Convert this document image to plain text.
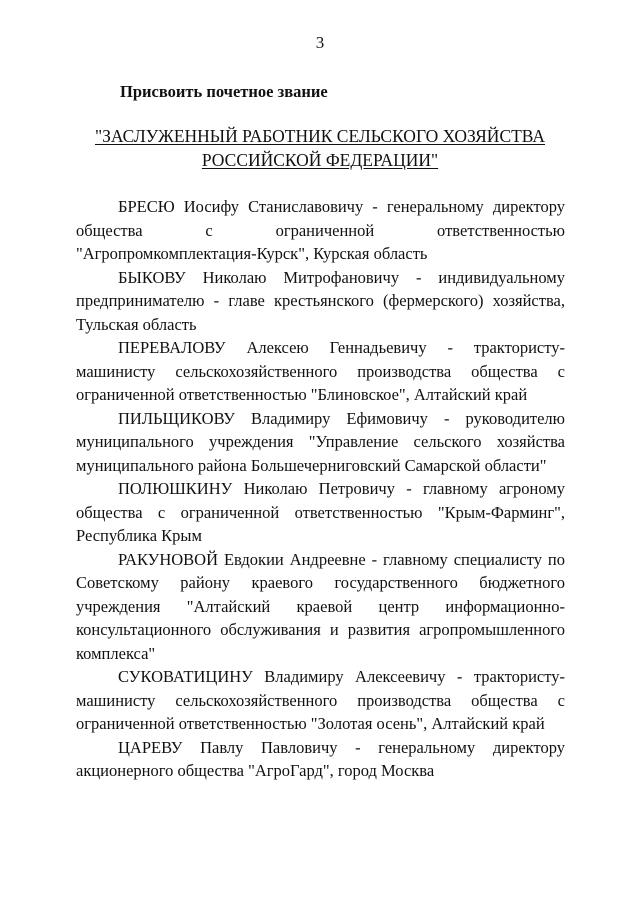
3
Присвоить почетное звание
"ЗАСЛУЖЕННЫЙ РАБОТНИК СЕЛЬСКОГО ХОЗЯЙСТВА
РОССИЙСКОЙ ФЕДЕРАЦИИ"

БРЕСЮ Иосифу Станиславовичу - генеральному директору общества с ограниченной ответственностью "Агропромкомплектация-Курск", Курская область

БЫКОВУ Николаю Митрофановичу - индивидуальному предпринимателю - главе крестьянского (фермерского) хозяйства, Тульская область

ПЕРЕВАЛОВУ Алексею Геннадьевичу - трактористу-машинисту сельскохозяйственного производства общества с ограниченной ответственностью "Блиновское", Алтайский край

ПИЛЬЩИКОВУ Владимиру Ефимовичу - руководителю муниципального учреждения "Управление сельского хозяйства муниципального района Большечерниговский Самарской области"

ПОЛЮШКИНУ Николаю Петровичу - главному агроному общества с ограниченной ответственностью "Крым-Фарминг", Республика Крым

РАКУНОВОЙ Евдокии Андреевне - главному специалисту по Советскому району краевого государственного бюджетного учреждения "Алтайский краевой центр информационно-консультационного обслуживания и развития агропромышленного комплекса"

СУКОВАТИЦИНУ Владимиру Алексеевичу - трактористу-машинисту сельскохозяйственного производства общества с ограниченной ответственностью "Золотая осень", Алтайский край

ЦАРЕВУ Павлу Павловичу - генеральному директору акционерного общества "АгроГард", город Москва
